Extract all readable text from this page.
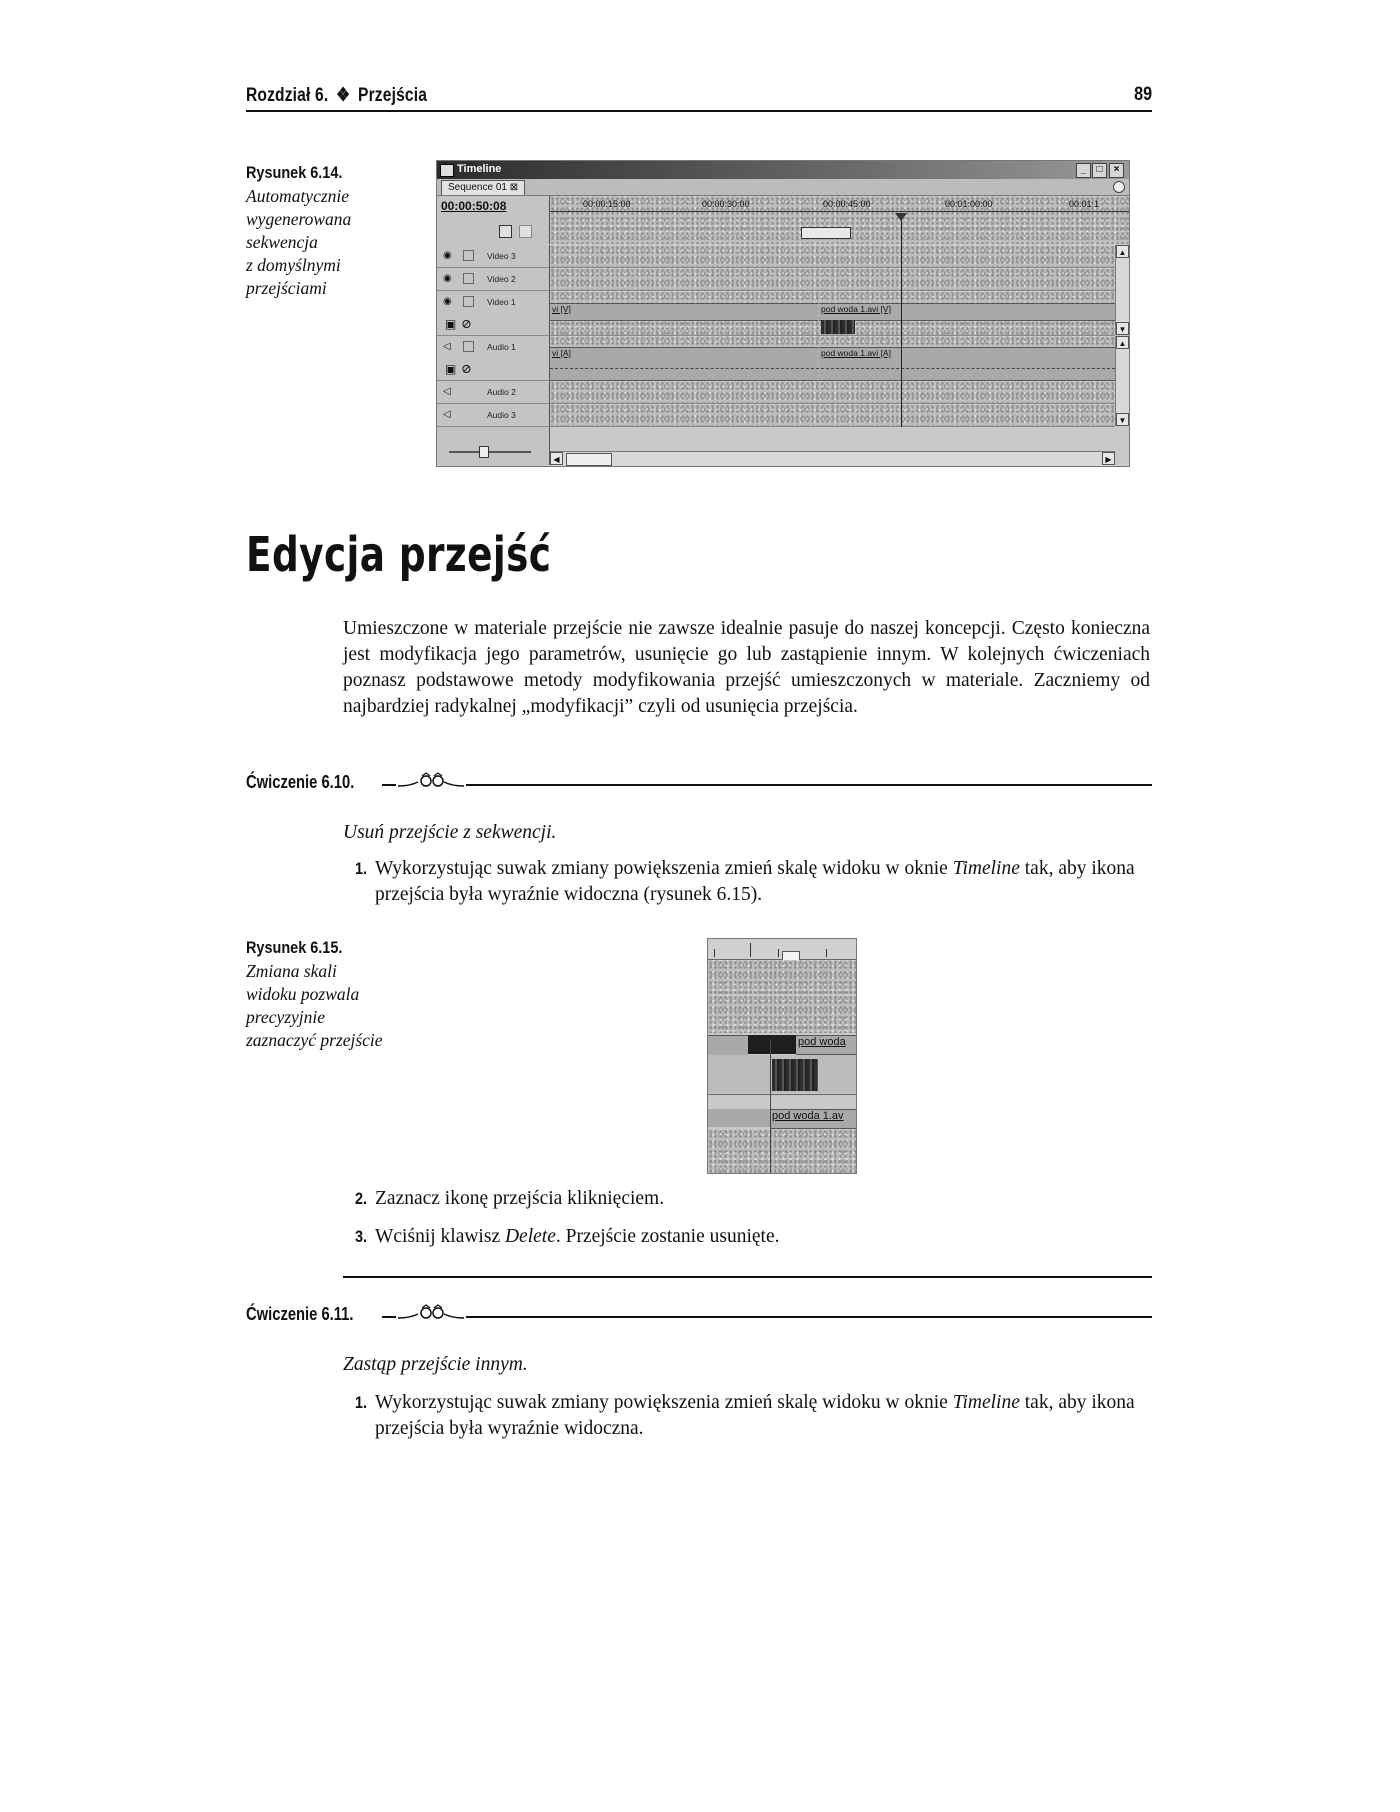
Rozdział 6. ❖ Przejścia	89
Rysunek 6.14.
Automatycznie
wygenerowana
sekwencja
z domyślnymi
przejściami
Timeline	_	□	×
Sequence 01 ⊠
00:00:50:08	00:00:15:00	00:00:30:00	00:00:45:00	00:01:00:00	00:01:1
◉	Video 3
◉	Video 2
◉	Video 1
▣ ⊘
◁	Audio 1
▣ ⊘
◁	Audio 2
◁	Audio 3
vi [V]	pod woda 1.avi [V]
vi [A]	pod woda 1.avi [A]
▲
▼
▲
▼
◀	▶
Edycja przejść
Umieszczone w materiale przejście nie zawsze idealnie pasuje do naszej koncepcji. Często konieczna jest modyfikacja jego parametrów, usunięcie go lub zastąpienie innym. W kolejnych ćwiczeniach poznasz podstawowe metody modyfikowania przejść umieszczonych w materiale. Zaczniemy od najbardziej radykalnej „modyfikacji” czyli od usunięcia przejścia.
Ćwiczenie 6.10.
Usuń przejście z sekwencji.
1. Wykorzystując suwak zmiany powiększenia zmień skalę widoku w oknie Timeline tak, aby ikona przejścia była wyraźnie widoczna (rysunek 6.15).
Rysunek 6.15.
Zmiana skali
widoku pozwala
precyzyjnie
zaznaczyć przejście	pod woda
pod woda 1.av
2. Zaznacz ikonę przejścia kliknięciem.
3. Wciśnij klawisz Delete. Przejście zostanie usunięte.
Ćwiczenie 6.11.
Zastąp przejście innym.
1. Wykorzystując suwak zmiany powiększenia zmień skalę widoku w oknie Timeline tak, aby ikona przejścia była wyraźnie widoczna.
